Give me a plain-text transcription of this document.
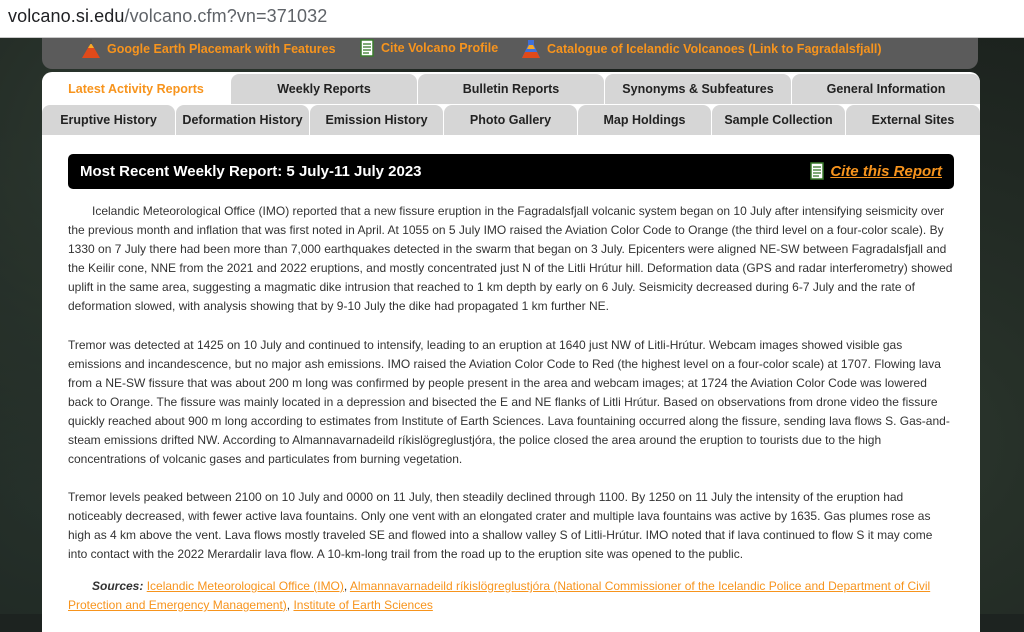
volcano.si.edu/volcano.cfm?vn=371032
Google Earth Placemark with Features	Cite Volcano Profile	Catalogue of Icelandic Volcanoes (Link to Fagradalsfjall)
Latest Activity Reports	Weekly Reports	Bulletin Reports	Synonyms & Subfeatures	General Information
Eruptive History	Deformation History	Emission History	Photo Gallery	Map Holdings	Sample Collection	External Sites
Most Recent Weekly Report: 5 July-11 July 2023	Cite this Report

Icelandic Meteorological Office (IMO) reported that a new fissure eruption in the Fagradalsfjall volcanic system began on 10 July after intensifying seismicity over the previous month and inflation that was first noted in April. At 1055 on 5 July IMO raised the Aviation Color Code to Orange (the third level on a four-color scale). By 1330 on 7 July there had been more than 7,000 earthquakes detected in the swarm that began on 3 July. Epicenters were aligned NE-SW between Fagradalsfjall and the Keilir cone, NNE from the 2021 and 2022 eruptions, and mostly concentrated just N of the Litli Hrútur hill. Deformation data (GPS and radar interferometry) showed uplift in the same area, suggesting a magmatic dike intrusion that reached to 1 km depth by early on 6 July. Seismicity decreased during 6-7 July and the rate of deformation slowed, with analysis showing that by 9-10 July the dike had propagated 1 km further NE.

Tremor was detected at 1425 on 10 July and continued to intensify, leading to an eruption at 1640 just NW of Litli-Hrútur. Webcam images showed visible gas emissions and incandescence, but no major ash emissions. IMO raised the Aviation Color Code to Red (the highest level on a four-color scale) at 1707. Flowing lava from a NE-SW fissure that was about 200 m long was confirmed by people present in the area and webcam images; at 1724 the Aviation Color Code was lowered back to Orange. The fissure was mainly located in a depression and bisected the E and NE flanks of Litli Hrútur. Based on observations from drone video the fissure quickly reached about 900 m long according to estimates from Institute of Earth Sciences. Lava fountaining occurred along the fissure, sending lava flows S. Gas-and-steam emissions drifted NW. According to Almannavarnadeild ríkislögreglustjóra, the police closed the area around the eruption to tourists due to the high concentrations of volcanic gases and particulates from burning vegetation.

Tremor levels peaked between 2100 on 10 July and 0000 on 11 July, then steadily declined through 1100. By 1250 on 11 July the intensity of the eruption had noticeably decreased, with fewer active lava fountains. Only one vent with an elongated crater and multiple lava fountains was active by 1635. Gas plumes rose as high as 4 km above the vent. Lava flows mostly traveled SE and flowed into a shallow valley S of Litli-Hrútur. IMO noted that if lava continued to flow S it may come into contact with the 2022 Merardalir lava flow. A 10-km-long trail from the road up to the eruption site was opened to the public.

Sources: Icelandic Meteorological Office (IMO), Almannavarnadeild ríkislögreglustjóra (National Commissioner of the Icelandic Police and Department of Civil Protection and Emergency Management), Institute of Earth Sciences
